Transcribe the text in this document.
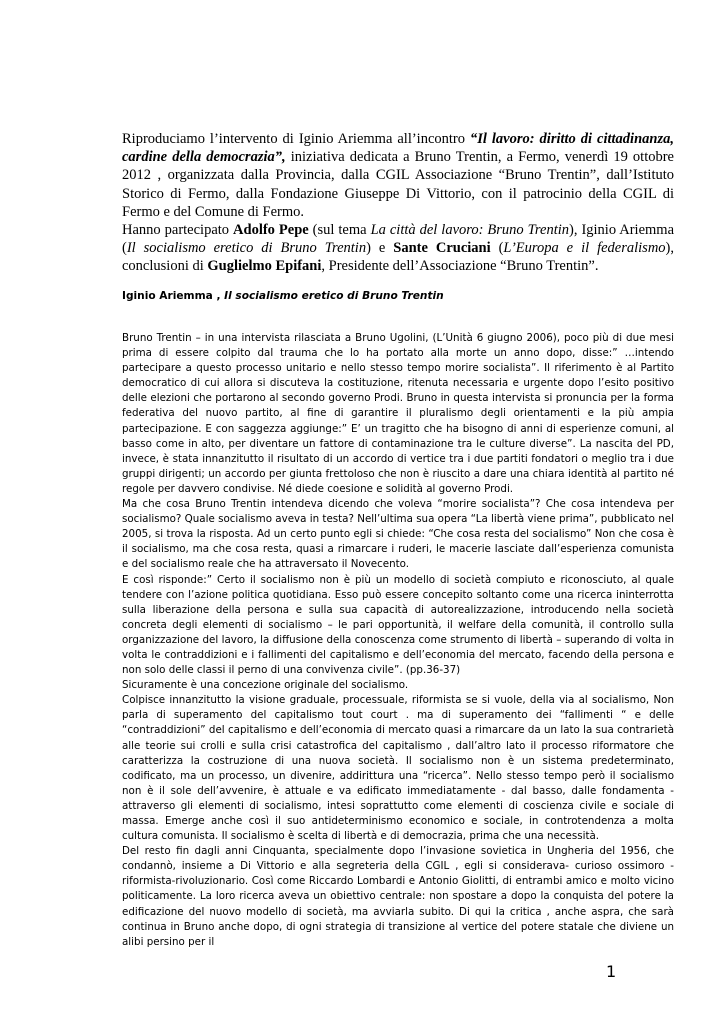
Riproduciamo l’intervento di Iginio Ariemma all’incontro “Il lavoro: diritto di cittadinanza, cardine della democrazia”, iniziativa dedicata a Bruno Trentin, a Fermo, venerdì 19 ottobre 2012 , organizzata dalla Provincia, dalla CGIL Associazione “Bruno Trentin”, dall’Istituto Storico di Fermo, dalla Fondazione Giuseppe Di Vittorio, con il patrocinio della CGIL di Fermo e del Comune di Fermo.

Hanno partecipato Adolfo Pepe (sul tema La città del lavoro: Bruno Trentin), Iginio Ariemma (Il socialismo eretico di Bruno Trentin) e Sante Cruciani (L’Europa e il federalismo), conclusioni di Guglielmo Epifani, Presidente dell’Associazione “Bruno Trentin”.

Iginio Ariemma , Il socialismo eretico di Bruno Trentin

Bruno Trentin – in una intervista rilasciata a Bruno Ugolini, (L’Unità 6 giugno 2006), poco più di due mesi prima di essere colpito dal trauma che lo ha portato alla morte un anno dopo, disse:” …intendo partecipare a questo processo unitario e nello stesso tempo morire socialista”. Il riferimento è al Partito democratico di cui allora si discuteva la costituzione, ritenuta necessaria e urgente dopo l’esito positivo delle elezioni che portarono al secondo governo Prodi. Bruno in questa intervista si pronuncia per la forma federativa del nuovo partito, al fine di garantire il pluralismo degli orientamenti e la più ampia partecipazione. E con saggezza aggiunge:” E’ un tragitto che ha bisogno di anni di esperienze comuni, al basso come in alto, per diventare un fattore di contaminazione tra le culture diverse”. La nascita del PD, invece, è stata innanzitutto il risultato di un accordo di vertice tra i due partiti fondatori o meglio tra i due gruppi dirigenti; un accordo per giunta frettoloso che non è riuscito a dare una chiara identità al partito né regole per davvero condivise. Né diede coesione e solidità al governo Prodi.

Ma che cosa Bruno Trentin intendeva dicendo che voleva “morire socialista”? Che cosa intendeva per socialismo? Quale socialismo aveva in testa? Nell’ultima sua opera “La libertà viene prima”, pubblicato nel 2005, si trova la risposta. Ad un certo punto egli si chiede: “Che cosa resta del socialismo” Non che cosa è il socialismo, ma che cosa resta, quasi a rimarcare i ruderi, le macerie lasciate dall’esperienza comunista e del socialismo reale che ha attraversato il Novecento.

E così risponde:” Certo il socialismo non è più un modello di società compiuto e riconosciuto, al quale tendere con l’azione politica quotidiana. Esso può essere concepito soltanto come una ricerca ininterrotta sulla liberazione della persona e sulla sua capacità di autorealizzazione, introducendo nella società concreta degli elementi di socialismo – le pari opportunità, il welfare della comunità, il controllo sulla organizzazione del lavoro, la diffusione della conoscenza come strumento di libertà – superando di volta in volta le contraddizioni e i fallimenti del capitalismo e dell’economia del mercato, facendo della persona e non solo delle classi il perno di una convivenza civile”. (pp.36-37)

Sicuramente è una concezione originale del socialismo.

Colpisce innanzitutto la visione graduale, processuale, riformista se si vuole, della via al socialismo, Non parla di superamento del capitalismo tout court . ma di superamento dei “fallimenti “ e delle “contraddizioni” del capitalismo e dell’economia di mercato quasi a rimarcare da un lato la sua contrarietà alle teorie sui crolli e sulla crisi catastrofica del capitalismo , dall’altro lato il processo riformatore che caratterizza la costruzione di una nuova società. Il socialismo non è un sistema predeterminato, codificato, ma un processo, un divenire, addirittura una “ricerca”. Nello stesso tempo però il socialismo non è il sole dell’avvenire, è attuale e va edificato immediatamente - dal basso, dalle fondamenta - attraverso gli elementi di socialismo, intesi soprattutto come elementi di coscienza civile e sociale di massa. Emerge anche così il suo antideterminismo economico e sociale, in controtendenza a molta cultura comunista. Il socialismo è scelta di libertà e di democrazia, prima che una necessità.

Del resto fin dagli anni Cinquanta, specialmente dopo l’invasione sovietica in Ungheria del 1956, che condannò, insieme a Di Vittorio e alla segreteria della CGIL , egli si considerava- curioso ossimoro - riformista-rivoluzionario. Così come Riccardo Lombardi e Antonio Giolitti, di entrambi amico e molto vicino politicamente. La loro ricerca aveva un obiettivo centrale: non spostare a dopo la conquista del potere la edificazione del nuovo modello di società, ma avviarla subito. Di qui la critica , anche aspra, che sarà continua in Bruno anche dopo, di ogni strategia di transizione al vertice del potere statale che diviene un alibi persino per il

1
